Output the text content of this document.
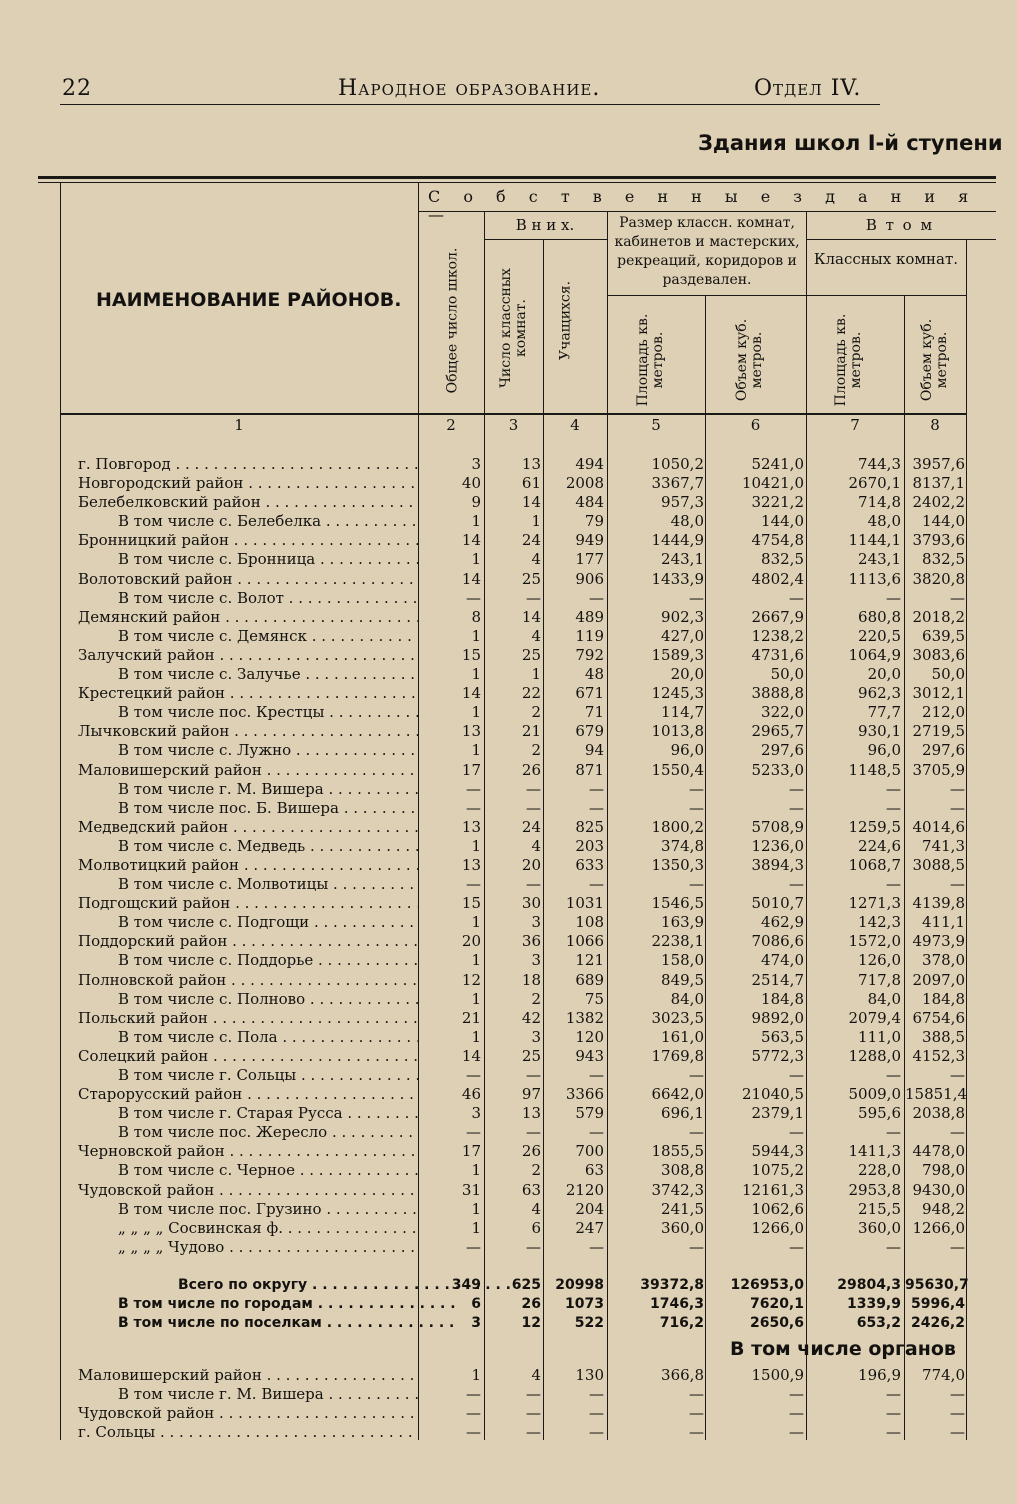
22	Народное образование.	Отдел IV.
Здания школ I-й ступени
С о б с т в е н н ы е з д а н и я —
В н и х.	Размер классн. комнат, кабинетов и мастерских, рекреаций, коридоров и раздевален.
В т о м
Классных комнат.
НАИМЕНОВАНИЕ РАЙОНОВ.	Общее число школ.	Число классных комнат. Учащихся.	Площадь кв. метров.	Объем куб. метров.	Площадь кв. метров.	Объем куб. метров.
1	2	3	4	5	6	7	8
г. Повгород . . .	3	13	494	1050,2	5241,0	744,3 3957,6
Новгородский район . . .	40	61	2008	3367,7	10421,0	2670,1 8137,1
Белебелковский район . . .	9	14	484	957,3	3221,2	714,8 2402,2
В том числе с. Белебелка . . .	1	1	79	48,0	144,0	48,0	144,0
Бронницкий район . . .	14	24	949	1444,9	4754,8	1144,1 3793,6
В том числе с. Бронница . . .	1	4	177	243,1	832,5	243,1	832,5
Волотовский район . . .	14	25	906	1433,9	4802,4	1113,6 3820,8
В том числе с. Волот . . .	—	—	—	—	—	—	—
Демянский район . . .	8	14	489	902,3	2667,9	680,8 2018,2
В том числе с. Демянск . . .	1	4	119	427,0	1238,2	220,5	639,5
Залучский район . . .	15	25	792	1589,3	4731,6	1064,9 3083,6
В том числе с. Залучье . . .	1	1	48	20,0	50,0	20,0	50,0
Крестецкий район . . .	14	22	671	1245,3	3888,8	962,3 3012,1
В том числе пос. Крестцы . . .	1	2	71	114,7	322,0	77,7	212,0
Лычковский район . . .	13	21	679	1013,8	2965,7	930,1 2719,5
В том числе с. Лужно . . .	1	2	94	96,0	297,6	96,0	297,6
Маловишерский район . . .	17	26	871	1550,4	5233,0	1148,5 3705,9
В том числе г. М. Вишера . . .	—	—	—	—	—	—	—
В том числе пос. Б. Вишера . . .	—	—	—	—	—	—	—
Медведский район . . .	13	24	825	1800,2	5708,9	1259,5 4014,6
В том числе с. Медведь . . .	1	4	203	374,8	1236,0	224,6	741,3
Молвотицкий район . . .	13	20	633	1350,3	3894,3	1068,7 3088,5
В том числе с. Молвотицы . . .	—	—	—	—	—	—	—
Подгощский район . . .	15	30	1031	1546,5	5010,7	1271,3 4139,8
В том числе с. Подгощи . . .	1	3	108	163,9	462,9	142,3	411,1
Поддорский район . . .	20	36	1066	2238,1	7086,6	1572,0 4973,9
В том числе с. Поддорье . . .	1	3	121	158,0	474,0	126,0	378,0
Полновской район . . .	12	18	689	849,5	2514,7	717,8 2097,0
В том числе с. Полново . . .	1	2	75	84,0	184,8	84,0	184,8
Польский район . . .	21	42	1382	3023,5	9892,0	2079,4 6754,6
В том числе с. Пола . . .	1	3	120	161,0	563,5	111,0	388,5
Солецкий район . . .	14	25	943	1769,8	5772,3	1288,0 4152,3
В том числе г. Сольцы . . .	—	—	—	—	—	—	—
Старорусский район . . .	46	97	3366	6642,0	21040,5	5009,0 15851,4
В том числе г. Старая Русса . . .	3	13	579	696,1	2379,1	595,6 2038,8
В том числе пос. Жересло . . .	—	—	—	—	—	—	—
Черновской район . . .	17	26	700	1855,5	5944,3	1411,3 4478,0
В том числе с. Черное . . .	1	2	63	308,8	1075,2	228,0	798,0
Чудовской район . . .	31	63	2120	3742,3	12161,3	2953,8 9430,0
В том числе пос. Грузино . . .	1	4	204	241,5	1062,6	215,5	948,2
„ „ „ „ Сосвинская ф. . . .	1	6	247	360,0	1266,0	360,0 1266,0
„ „ „ „ Чудово . . .	—	—	—	—	—	—	—
Всего по округу . . .	349	625	20998	39372,8	126953,0	29804,3 95630,7
В том числе по городам . . .	6	26	1073	1746,3	7620,1	1339,9 5996,4
В том числе по поселкам . . .	3	12	522	716,2	2650,6	653,2 2426,2
В том числе органов
Маловишерский район . . .	1	4	130	366,8	1500,9	196,9	774,0
В том числе г. М. Вишера . . .	—	—	—	—	—	—	—
Чудовской район . . .	—	—	—	—	—	—	—
г. Сольцы . . .	—	—	—	—	—	—	—
